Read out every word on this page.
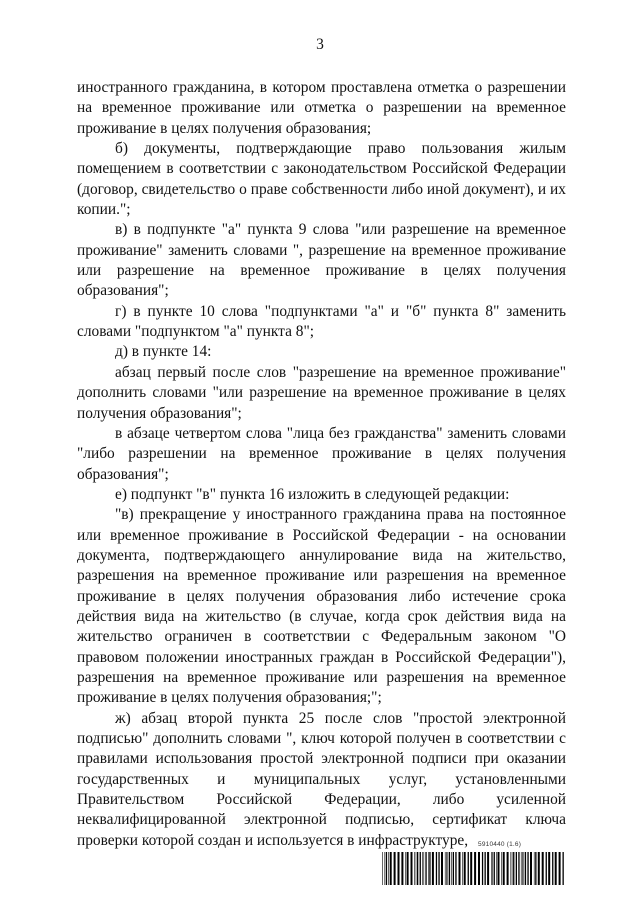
3

иностранного гражданина, в котором проставлена отметка о разрешении на временное проживание или отметка о разрешении на временное проживание в целях получения образования;

б) документы, подтверждающие право пользования жилым помещением в соответствии с законодательством Российской Федерации (договор, свидетельство о праве собственности либо иной документ), и их копии.";

в) в подпункте "а" пункта 9 слова "или разрешение на временное проживание" заменить словами ", разрешение на временное проживание или разрешение на временное проживание в целях получения образования";

г) в пункте 10 слова "подпунктами "а" и "б" пункта 8" заменить словами "подпунктом "а" пункта 8";

д) в пункте 14:

абзац первый после слов "разрешение на временное проживание" дополнить словами "или разрешение на временное проживание в целях получения образования";

в абзаце четвертом слова "лица без гражданства" заменить словами "либо разрешении на временное проживание в целях получения образования";

е) подпункт "в" пункта 16 изложить в следующей редакции:

"в) прекращение у иностранного гражданина права на постоянное или временное проживание в Российской Федерации - на основании документа, подтверждающего аннулирование вида на жительство, разрешения на временное проживание или разрешения на временное проживание в целях получения образования либо истечение срока действия вида на жительство (в случае, когда срок действия вида на жительство ограничен в соответствии с Федеральным законом "О правовом положении иностранных граждан в Российской Федерации"), разрешения на временное проживание или разрешения на временное проживание в целях получения образования;";

ж) абзац второй пункта 25 после слов "простой электронной подписью" дополнить словами ", ключ которой получен в соответствии с правилами использования простой электронной подписи при оказании государственных и муниципальных услуг, установленными Правительством Российской Федерации, либо усиленной неквалифицированной электронной подписью, сертификат ключа проверки которой создан и используется в инфраструктуре,	5910440 (1.6)
